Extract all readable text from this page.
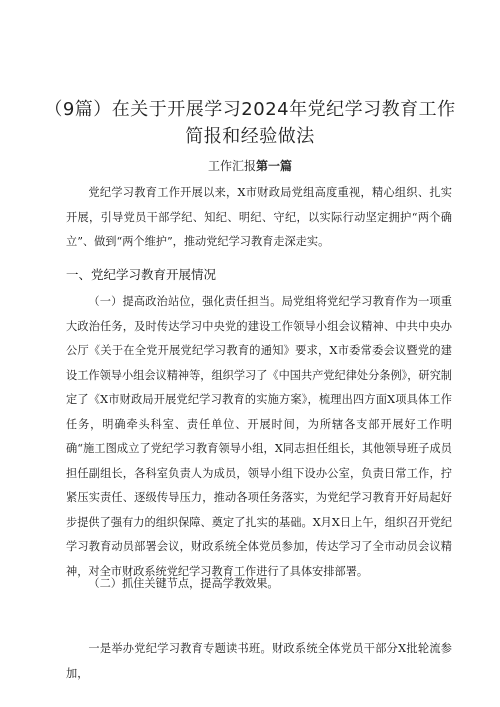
（9篇）在关于开展学习2024年党纪学习教育工作
简报和经验做法
工作汇报第一篇
党纪学习教育工作开展以来，X市财政局党组高度重视，精心组织、扎实开展，引导党员干部学纪、知纪、明纪、守纪，以实际行动坚定拥护“两个确立”、做到“两个维护”，推动党纪学习教育走深走实。
一、党纪学习教育开展情况
（一）提高政治站位，强化责任担当。局党组将党纪学习教育作为一项重大政治任务，及时传达学习中央党的建设工作领导小组会议精神、中共中央办公厅《关于在全党开展党纪学习教育的通知》要求，X市委常委会议暨党的建设工作领导小组会议精神等，组织学习了《中国共产党纪律处分条例》，研究制定了《X市财政局开展党纪学习教育的实施方案》，梳理出四方面X项具体工作任务，明确牵头科室、责任单位、开展时间，为所辖各支部开展好工作明确“施工图成立了党纪学习教育领导小组，X同志担任组长，其他领导班子成员担任副组长，各科室负责人为成员，领导小组下设办公室，负责日常工作，拧紧压实责任、逐级传导压力，推动各项任务落实，为党纪学习教育开好局起好步提供了强有力的组织保障、奠定了扎实的基础。X月X日上午，组织召开党纪学习教育动员部署会议，财政系统全体党员参加，传达学习了全市动员会议精神，对全市财政系统党纪学习教育工作进行了具体安排部署。
（二）抓住关键节点，提高学教效果。
一是举办党纪学习教育专题读书班。财政系统全体党员干部分X批轮流参加，
